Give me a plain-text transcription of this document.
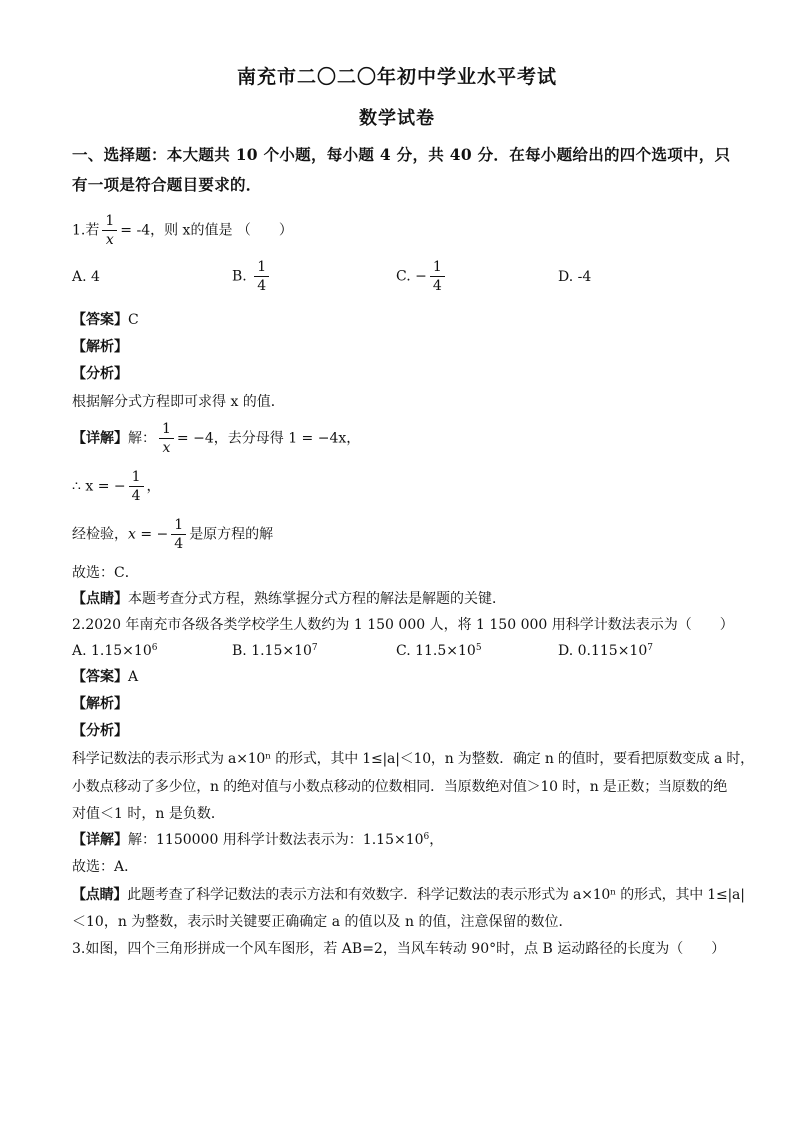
南充市二〇二〇年初中学业水平考试
数学试卷
一、选择题：本大题共 10 个小题，每小题 4 分，共 40 分．在每小题给出的四个选项中，只
有一项是符合题目要求的．
1.若 $\frac{1}{x} = -4$，则 x的值是 （　　）
A. 4	B. $\frac{1}{4}$	C. − $\frac{1}{4}$	D. -4
【答案】C
【解析】
【分析】
根据解分式方程即可求得 x 的值．
【详解】解： $\frac{1}{x} = -4$，去分母得 1 = −4x，
∴ x = − $\frac{1}{4}$ ，
经检验，x = − $\frac{1}{4}$ 是原方程的解
故选：C．
【点睛】本题考查分式方程，熟练掌握分式方程的解法是解题的关键．
2.2020 年南充市各级各类学校学生人数约为 1 150 000 人，将 1 150 000 用科学计数法表示为（　　）
A. $1.15\times 10^6$	B. $1.15\times 10^7$	C. $11.5\times 10^5$	D. $0.115\times 10^7$
【答案】A
【解析】
【分析】
科学记数法的表示形式为 a×10ⁿ 的形式，其中 1≤|a|＜10，n 为整数．确定 n 的值时，要看把原数变成 a 时，
小数点移动了多少位，n 的绝对值与小数点移动的位数相同．当原数绝对值＞10 时，n 是正数；当原数的绝
对值＜1 时，n 是负数．
【详解】解：1150000 用科学计数法表示为：$1.15\times 10^6$，
故选：A．
【点睛】此题考查了科学记数法的表示方法和有效数字．科学记数法的表示形式为 a×10ⁿ 的形式，其中 1≤|a|
＜10，n 为整数，表示时关键要正确确定 a 的值以及 n 的值，注意保留的数位．
3.如图，四个三角形拼成一个风车图形，若 AB=2，当风车转动 90°时，点 B 运动路径的长度为（　　）
